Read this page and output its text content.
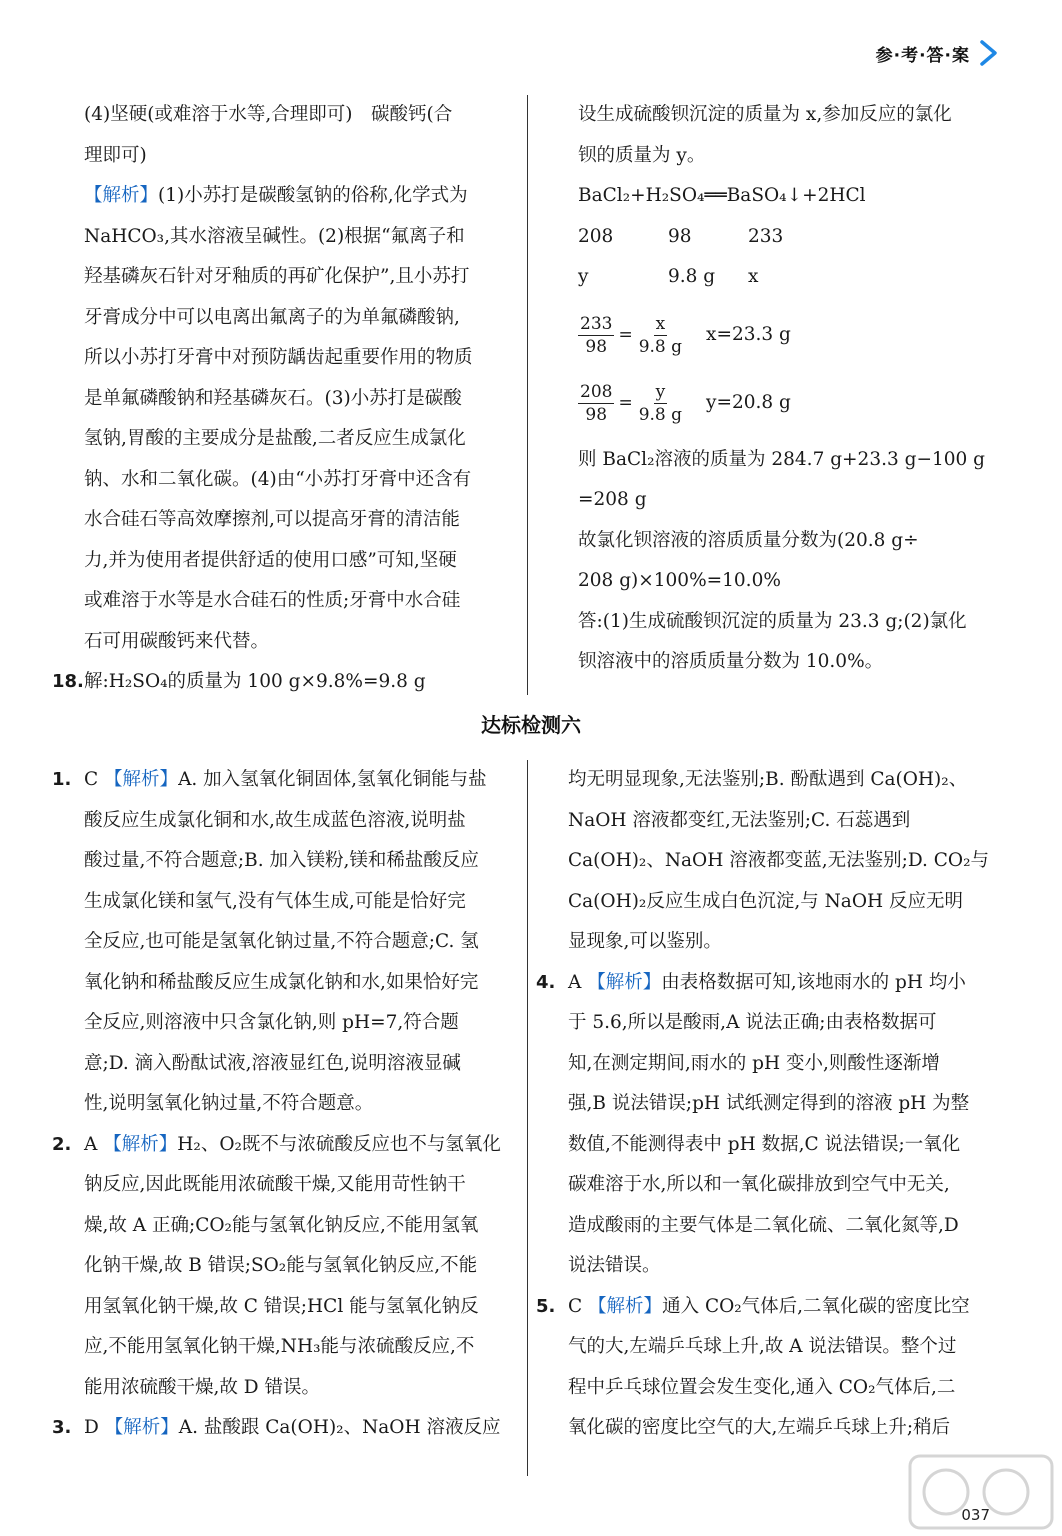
参·考·答·案

(4)坚硬(或难溶于水等,合理即可)　碳酸钙(合

理即可)

【解析】(1)小苏打是碳酸氢钠的俗称,化学式为
NaHCO₃,其水溶液呈碱性。(2)根据“氟离子和
羟基磷灰石针对牙釉质的再矿化保护”,且小苏打
牙膏成分中可以电离出氟离子的为单氟磷酸钠,
所以小苏打牙膏中对预防龋齿起重要作用的物质
是单氟磷酸钠和羟基磷灰石。(3)小苏打是碳酸
氢钠,胃酸的主要成分是盐酸,二者反应生成氯化
钠、水和二氧化碳。(4)由“小苏打牙膏中还含有
水合硅石等高效摩擦剂,可以提高牙膏的清洁能
力,并为使用者提供舒适的使用口感”可知,坚硬
或难溶于水等是水合硅石的性质;牙膏中水合硅
石可用碳酸钙来代替。
18. 解:H₂SO₄的质量为 100 g×9.8%=9.8 g

设生成硫酸钡沉淀的质量为 x,参加反应的氯化

钡的质量为 y。

BaCl₂+H₂SO₄══BaSO₄↓+2HCl

208	98	233
y	9.8 g	x
$\frac{233}{98} = \frac{x}{9.8 g} x=23.3$ g
$\frac{208}{98} = \frac{y}{9.8 g} y=20.8$ g

则 BaCl₂溶液的质量为 284.7 g+23.3 g−100 g

=208 g

故氯化钡溶液的溶质质量分数为(20.8 g÷

208 g)×100%=10.0%

答:(1)生成硫酸钡沉淀的质量为 23.3 g;(2)氯化

钡溶液中的溶质质量分数为 10.0%。

达标检测六
1. C 【解析】A. 加入氢氧化铜固体,氢氧化铜能与盐
酸反应生成氯化铜和水,故生成蓝色溶液,说明盐
酸过量,不符合题意;B. 加入镁粉,镁和稀盐酸反应
生成氯化镁和氢气,没有气体生成,可能是恰好完
全反应,也可能是氢氧化钠过量,不符合题意;C. 氢
氧化钠和稀盐酸反应生成氯化钠和水,如果恰好完
全反应,则溶液中只含氯化钠,则 pH=7,符合题
意;D. 滴入酚酞试液,溶液显红色,说明溶液显碱
性,说明氢氧化钠过量,不符合题意。
2. A 【解析】H₂、O₂既不与浓硫酸反应也不与氢氧化
钠反应,因此既能用浓硫酸干燥,又能用苛性钠干
燥,故 A 正确;CO₂能与氢氧化钠反应,不能用氢氧
化钠干燥,故 B 错误;SO₂能与氢氧化钠反应,不能
用氢氧化钠干燥,故 C 错误;HCl 能与氢氧化钠反
应,不能用氢氧化钠干燥,NH₃能与浓硫酸反应,不
能用浓硫酸干燥,故 D 错误。
3. D 【解析】A. 盐酸跟 Ca(OH)₂、NaOH 溶液反应
均无明显现象,无法鉴别;B. 酚酞遇到 Ca(OH)₂、
NaOH 溶液都变红,无法鉴别;C. 石蕊遇到
Ca(OH)₂、NaOH 溶液都变蓝,无法鉴别;D. CO₂与
Ca(OH)₂反应生成白色沉淀,与 NaOH 反应无明
显现象,可以鉴别。
4. A 【解析】由表格数据可知,该地雨水的 pH 均小
于 5.6,所以是酸雨,A 说法正确;由表格数据可
知,在测定期间,雨水的 pH 变小,则酸性逐渐增
强,B 说法错误;pH 试纸测定得到的溶液 pH 为整
数值,不能测得表中 pH 数据,C 说法错误;一氧化
碳难溶于水,所以和一氧化碳排放到空气中无关,
造成酸雨的主要气体是二氧化硫、二氧化氮等,D
说法错误。
5. C 【解析】通入 CO₂气体后,二氧化碳的密度比空
气的大,左端乒乓球上升,故 A 说法错误。整个过
程中乒乓球位置会发生变化,通入 CO₂气体后,二
氧化碳的密度比空气的大,左端乒乓球上升;稍后
037
